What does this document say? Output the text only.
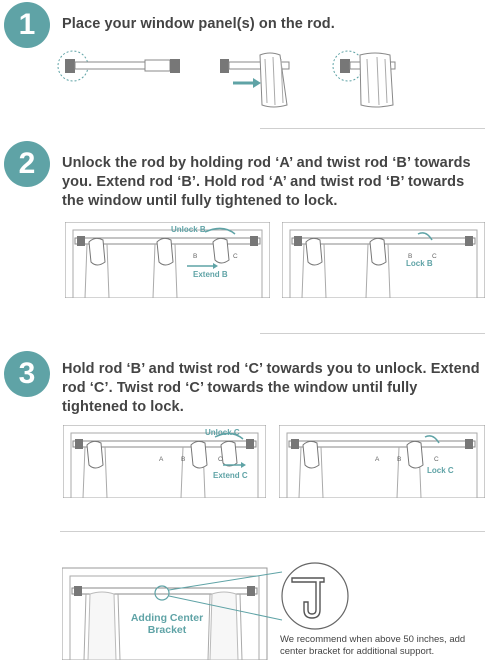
1	Place your window panel(s) on the rod.
2	Unlock the rod by holding rod ‘A’ and twist rod ‘B’ towards you. Extend rod ‘B’. Hold rod ‘A’ and twist rod ‘B’ towards the window until fully tightened to lock.
Unlock B
B	C
Extend B
B	C
Lock B
3	Hold rod ‘B’ and twist rod ‘C’ towards you to unlock. Extend rod ‘C’. Twist rod ‘C’ towards the window until fully tightened to lock.
Unlock C
A	B	C
Extend C
A	B	C
Lock C
Adding Center Bracket
We recommend when above 50 inches, add center bracket for additional support.
